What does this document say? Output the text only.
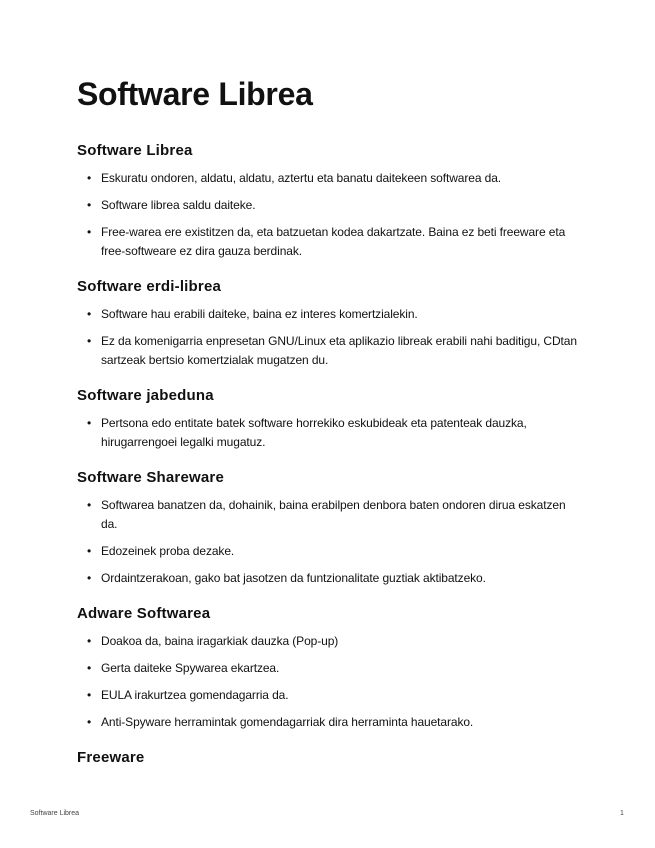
Software Librea
Software Librea
• Eskuratu ondoren, aldatu, aldatu, aztertu eta banatu daitekeen softwarea da.
• Software librea saldu daiteke.
• Free-warea ere existitzen da, eta batzuetan kodea dakartzate. Baina ez beti freeware eta free-softweare ez dira gauza berdinak.
Software erdi-librea
• Software hau erabili daiteke, baina ez interes komertzialekin.
• Ez da komenigarria enpresetan GNU/Linux eta aplikazio libreak erabili nahi baditigu, CDtan sartzeak bertsio komertzialak mugatzen du.
Software jabeduna
• Pertsona edo entitate batek software horrekiko eskubideak eta patenteak dauzka, hirugarrengoei legalki mugatuz.
Software Shareware
• Softwarea banatzen da, dohainik, baina erabilpen denbora baten ondoren dirua eskatzen da.
• Edozeinek proba dezake.
• Ordaintzerakoan, gako bat jasotzen da funtzionalitate guztiak aktibatzeko.
Adware Softwarea
• Doakoa da, baina iragarkiak dauzka (Pop-up)
• Gerta daiteke Spywarea ekartzea.
• EULA irakurtzea gomendagarria da.
• Anti-Spyware herramintak gomendagarriak dira herraminta hauetarako.
Freeware
Software Librea	1
